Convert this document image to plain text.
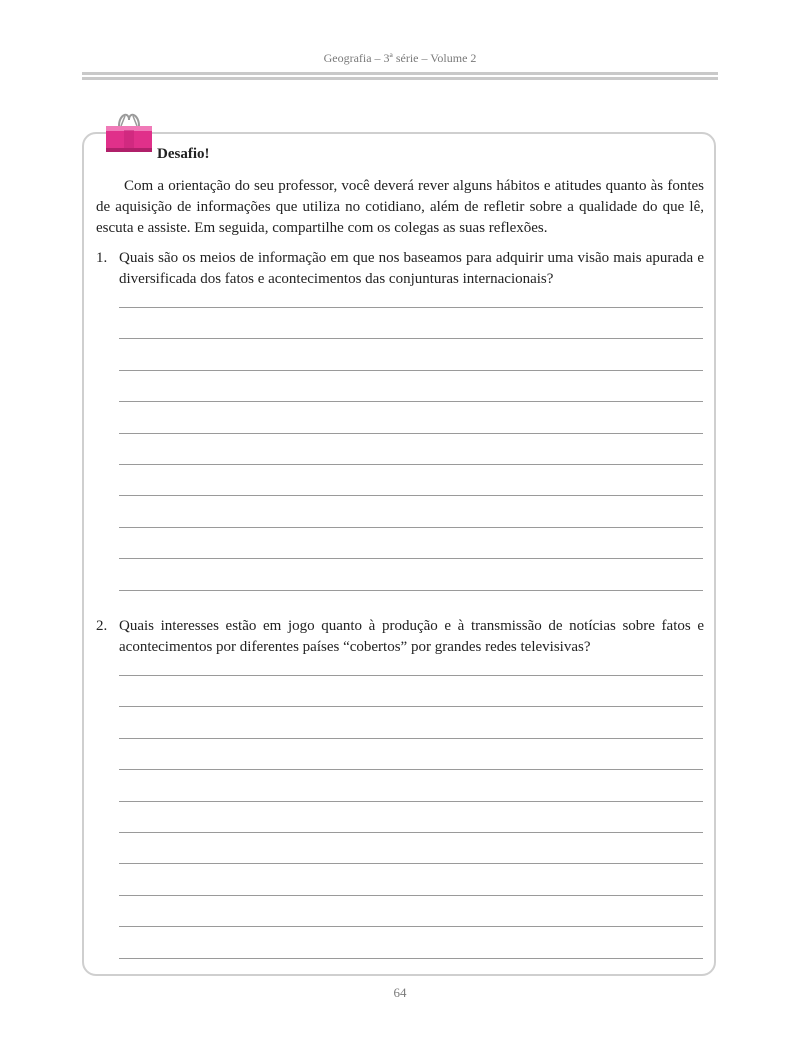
Geografia – 3ª série – Volume 2
Desafio!

Com a orientação do seu professor, você deverá rever alguns hábitos e atitudes quanto às fontes de aquisição de informações que utiliza no cotidiano, além de refletir sobre a qualidade do que lê, escuta e assiste. Em seguida, compartilhe com os colegas as suas reflexões.

1. Quais são os meios de informação em que nos baseamos para adquirir uma visão mais apurada e diversificada dos fatos e acontecimentos das conjunturas internacionais?
2. Quais interesses estão em jogo quanto à produção e à transmissão de notícias sobre fatos e acontecimentos por diferentes países “cobertos” por grandes redes televisivas?
64
